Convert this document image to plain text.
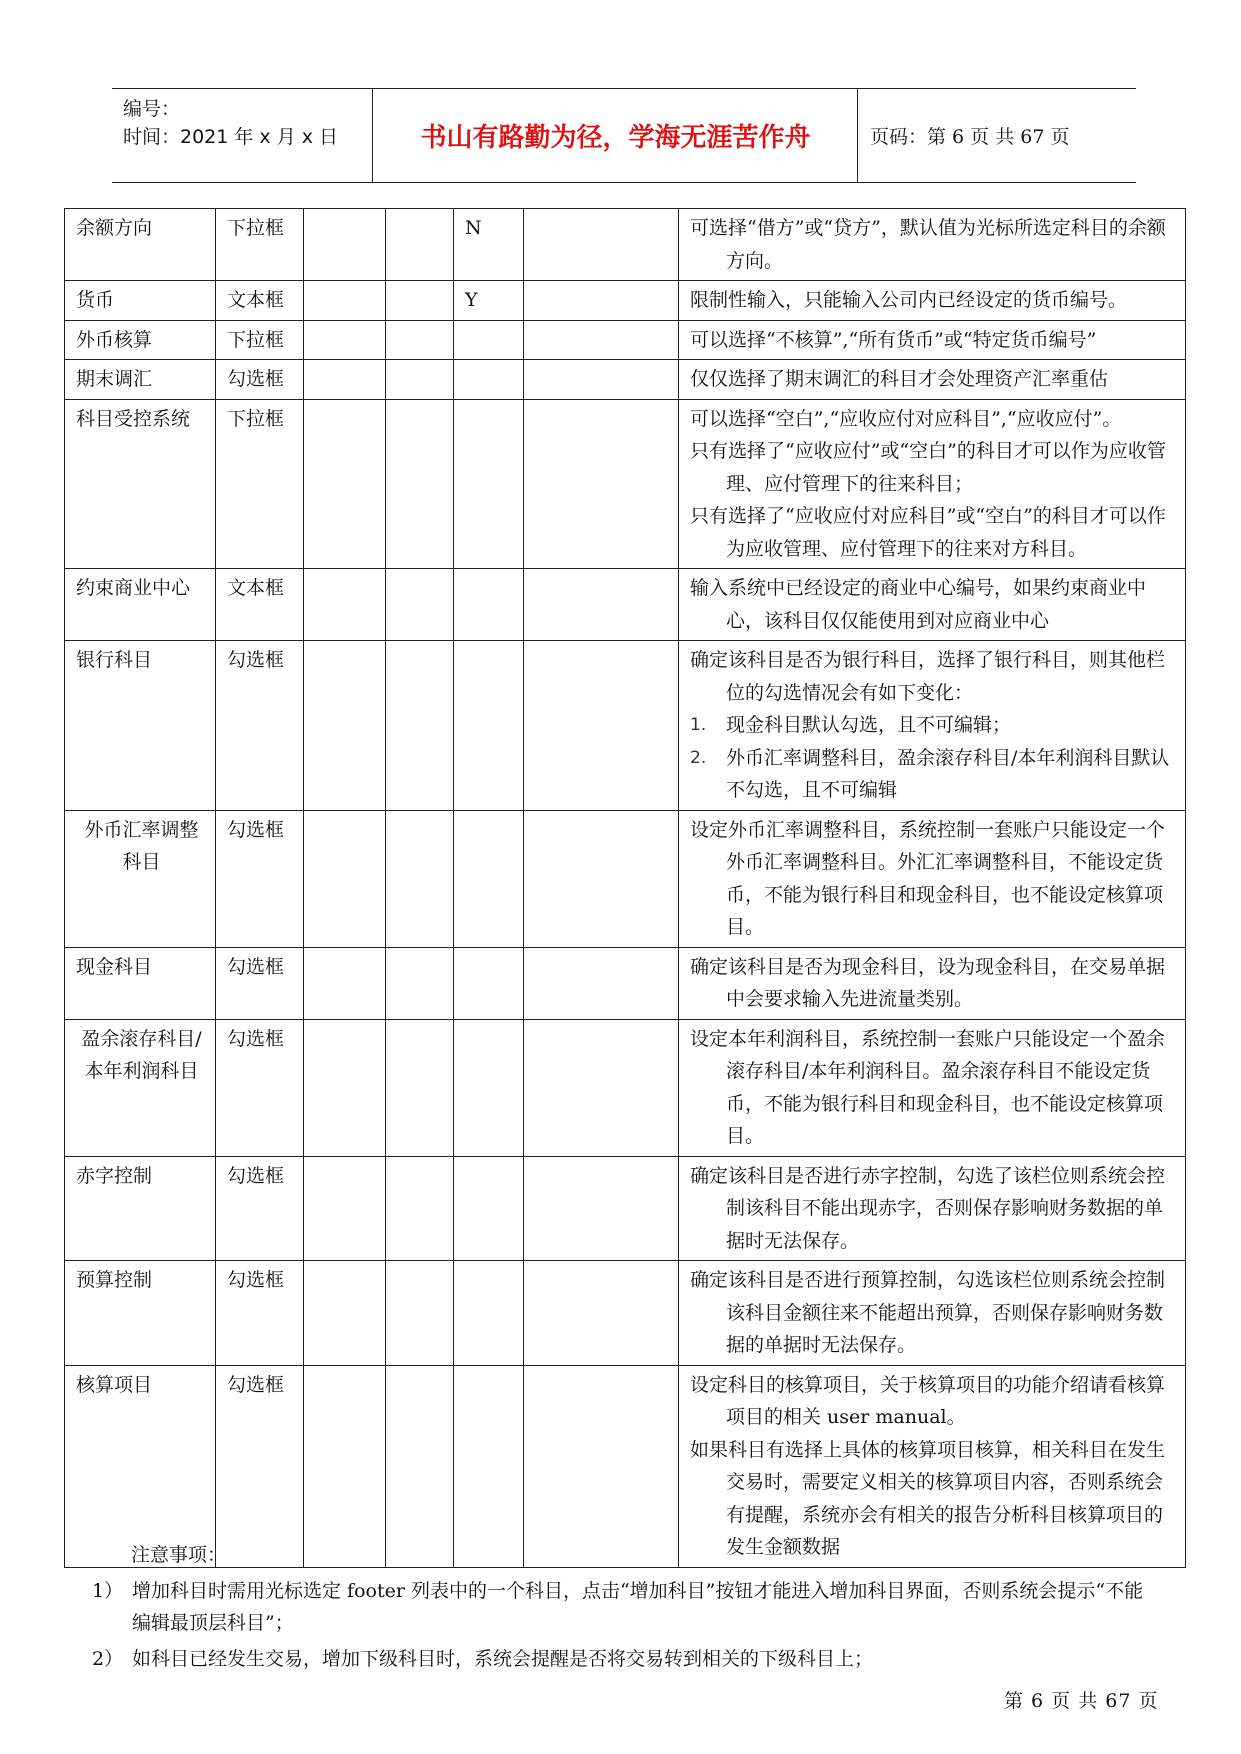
编号：
时间：2021 年 x 月 x 日	书山有路勤为径，学海无涯苦作舟	页码：第 6 页 共 67 页
余额方向	下拉框			N		可选择“借方”或“贷方”，默认值为光标所选定科目的余额方向。

货币	文本框			Y		限制性输入，只能输入公司内已经设定的货币编号。

外币核算	下拉框					可以选择“不核算”,“所有货币”或“特定货币编号”

期末调汇	勾选框					仅仅选择了期末调汇的科目才会处理资产汇率重估

科目受控系统	下拉框					可以选择“空白”,“应收应付对应科目”,“应收应付”。

只有选择了“应收应付”或“空白”的科目才可以作为应收管理、应付管理下的往来科目；

只有选择了“应收应付对应科目”或“空白”的科目才可以作为应收管理、应付管理下的往来对方科目。

约束商业中心	文本框					输入系统中已经设定的商业中心编号，如果约束商业中心，该科目仅仅能使用到对应商业中心

银行科目	勾选框					确定该科目是否为银行科目，选择了银行科目，则其他栏位的勾选情况会有如下变化：

1. 现金科目默认勾选，且不可编辑；
2. 外币汇率调整科目，盈余滚存科目/本年利润科目默认不勾选，且不可编辑

外币汇率调整科目	勾选框					设定外币汇率调整科目，系统控制一套账户只能设定一个外币汇率调整科目。外汇汇率调整科目，不能设定货币，不能为银行科目和现金科目，也不能设定核算项目。

现金科目	勾选框					确定该科目是否为现金科目，设为现金科目，在交易单据中会要求输入先进流量类别。

盈余滚存科目/本年利润科目	勾选框					设定本年利润科目，系统控制一套账户只能设定一个盈余滚存科目/本年利润科目。盈余滚存科目不能设定货币，不能为银行科目和现金科目，也不能设定核算项目。

赤字控制	勾选框					确定该科目是否进行赤字控制，勾选了该栏位则系统会控制该科目不能出现赤字，否则保存影响财务数据的单据时无法保存。

预算控制	勾选框					确定该科目是否进行预算控制，勾选该栏位则系统会控制该科目金额往来不能超出预算，否则保存影响财务数据的单据时无法保存。

核算项目	勾选框					设定科目的核算项目，关于核算项目的功能介绍请看核算项目的相关 user manual。

如果科目有选择上具体的核算项目核算，相关科目在发生交易时，需要定义相关的核算项目内容，否则系统会有提醒，系统亦会有相关的报告分析科目核算项目的发生金额数据

注意事项：
1） 增加科目时需用光标选定 footer 列表中的一个科目，点击“增加科目”按钮才能进入增加科目界面，否则系统会提示“不能编辑最顶层科目”；
2） 如科目已经发生交易，增加下级科目时，系统会提醒是否将交易转到相关的下级科目上；
第 6 页 共 67 页
